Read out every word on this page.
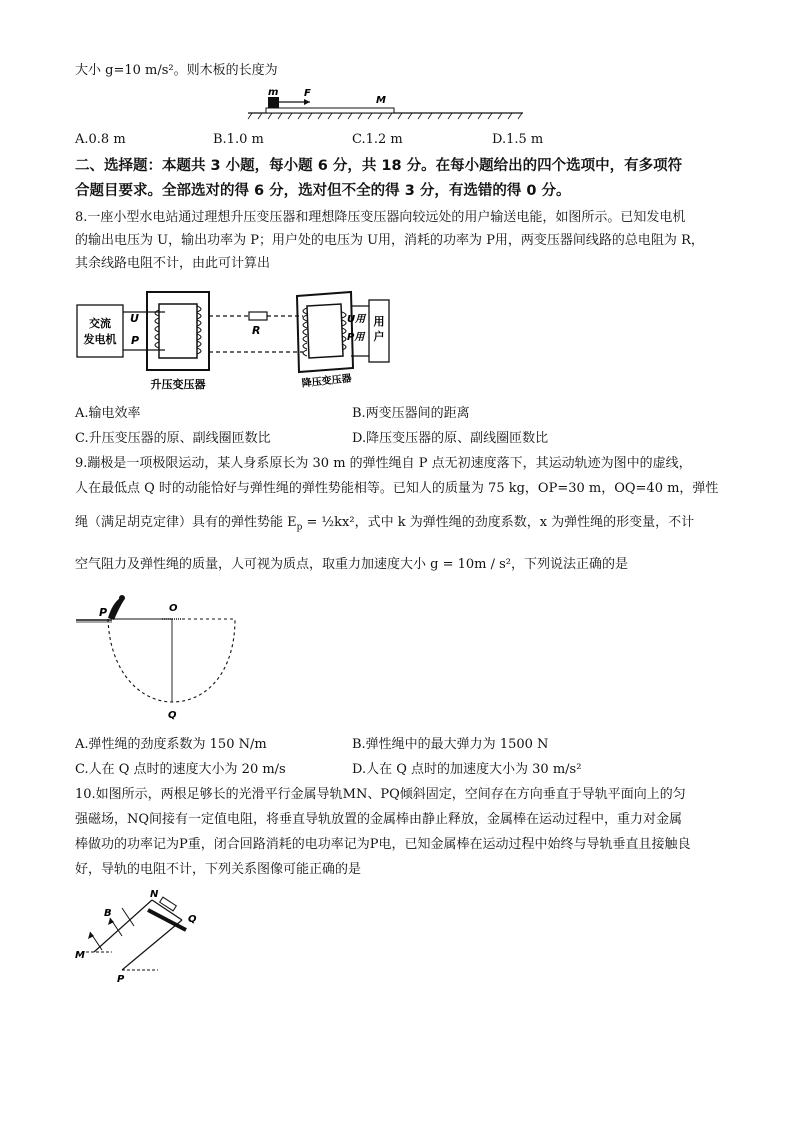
大小 g=10 m/s²。则木板的长度为
m	F
M
A.0.8 m	B.1.0 m	C.1.2 m	D.1.5 m
二、选择题：本题共 3 小题，每小题 6 分，共 18 分。在每小题给出的四个选项中，有多项符
合题目要求。全部选对的得 6 分，选对但不全的得 3 分，有选错的得 0 分。
8.一座小型水电站通过理想升压变压器和理想降压变压器向较远处的用户输送电能，如图所示。已知发电机
的输出电压为 U，输出功率为 P；用户处的电压为 U用，消耗的功率为 P用，两变压器间线路的总电阻为 R，
其余线路电阻不计，由此可计算出
交流
发电机
U
P
升压变压器
R
降压变压器
U用
P用
用
户
A.输电效率	B.两变压器间的距离
C.升压变压器的原、副线圈匝数比	D.降压变压器的原、副线圈匝数比
9.蹦极是一项极限运动，某人身系原长为 30 m 的弹性绳自 P 点无初速度落下，其运动轨迹为图中的虚线，
人在最低点 Q 时的动能恰好与弹性绳的弹性势能相等。已知人的质量为 75 kg，OP=30 m，OQ=40 m，弹性
绳（满足胡克定律）具有的弹性势能 $E_p$ = ½kx²，式中 k 为弹性绳的劲度系数，x 为弹性绳的形变量，不计
空气阻力及弹性绳的质量，人可视为质点，取重力加速度大小 g = 10m / s²，下列说法正确的是
P	O
Q
A.弹性绳的劲度系数为 150 N/m	B.弹性绳中的最大弹力为 1500 N
C.人在 Q 点时的速度大小为 20 m/s	D.人在 Q 点时的加速度大小为 30 m/s²
10.如图所示，两根足够长的光滑平行金属导轨MN、PQ倾斜固定，空间存在方向垂直于导轨平面向上的匀
强磁场，NQ间接有一定值电阻，将垂直导轨放置的金属棒由静止释放，金属棒在运动过程中，重力对金属
棒做功的功率记为P重，闭合回路消耗的电功率记为P电，已知金属棒在运动过程中始终与导轨垂直且接触良
好，导轨的电阻不计，下列关系图像可能正确的是
N
B
Q
M
P
